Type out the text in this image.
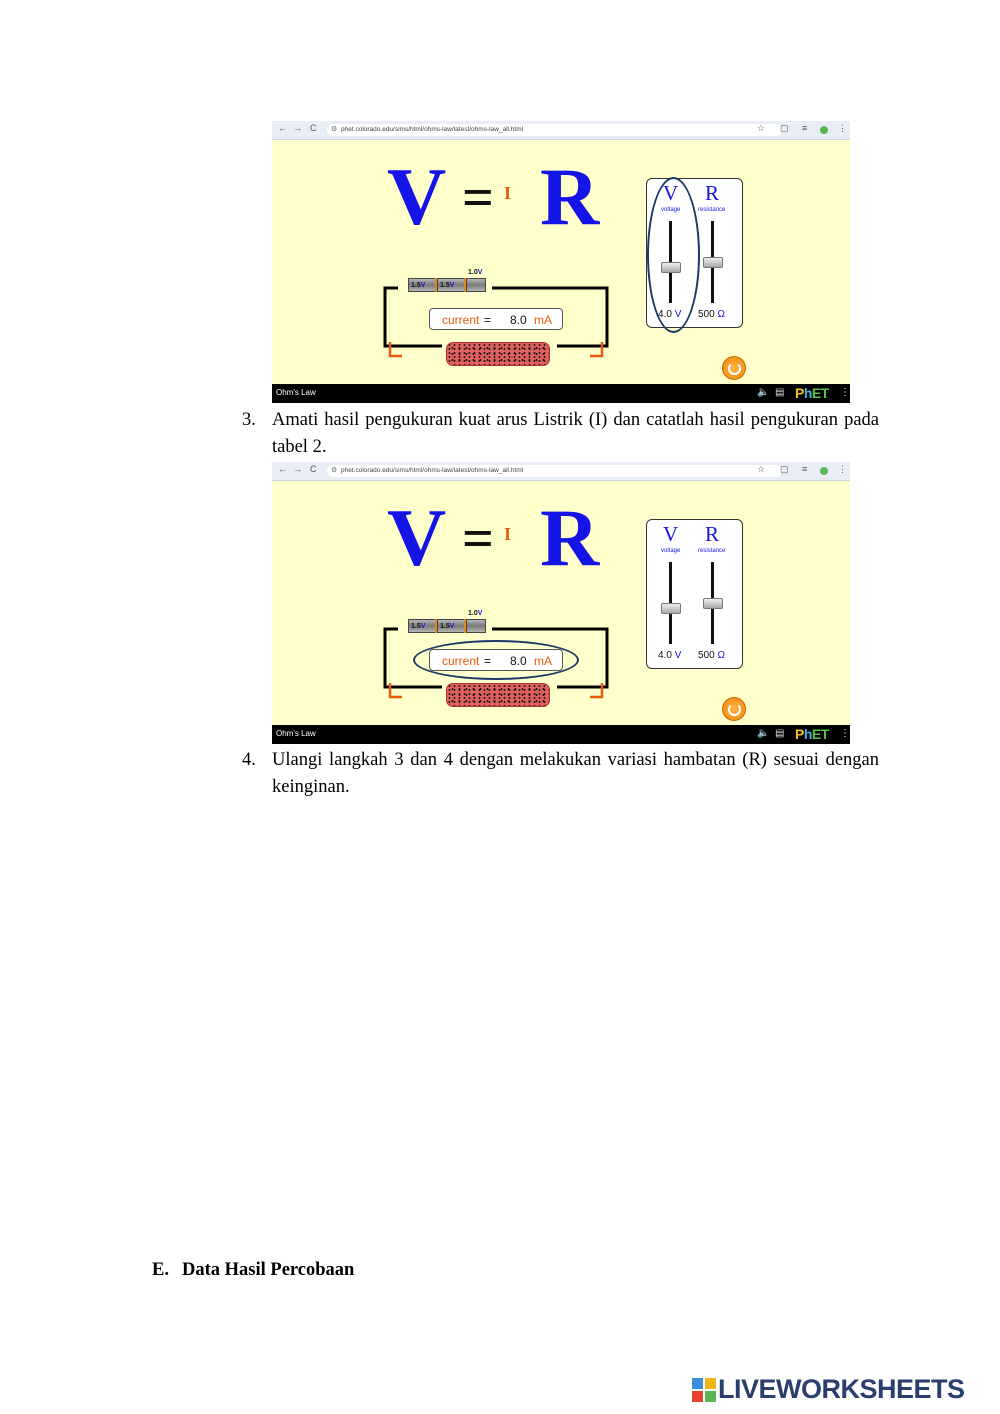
← → C ⚙ phet.colorado.edu/sims/html/ohms-law/latest/ohms-law_all.html	☆ ▢ ≡	⋮
V = I R
1.5V	1.5V
1.0V
current = 8.0 mA
V
voltage
R
resistance
4.0 V 500 Ω
Ohm's Law	🔈 ▤ PhET ⋮
3. Amati hasil pengukuran kuat arus Listrik (I) dan catatlah hasil pengukuran pada tabel 2.
← → C ⚙ phet.colorado.edu/sims/html/ohms-law/latest/ohms-law_all.html	☆ ▢ ≡	⋮
V = I R
1.5V	1.5V
1.0V
current = 8.0 mA
V
voltage
R
resistance
4.0 V 500 Ω
Ohm's Law	🔈 ▤ PhET ⋮
4. Ulangi langkah 3 dan 4 dengan melakukan variasi hambatan (R) sesuai dengan keinginan.
E. Data Hasil Percobaan
LIVEWORKSHEETS
